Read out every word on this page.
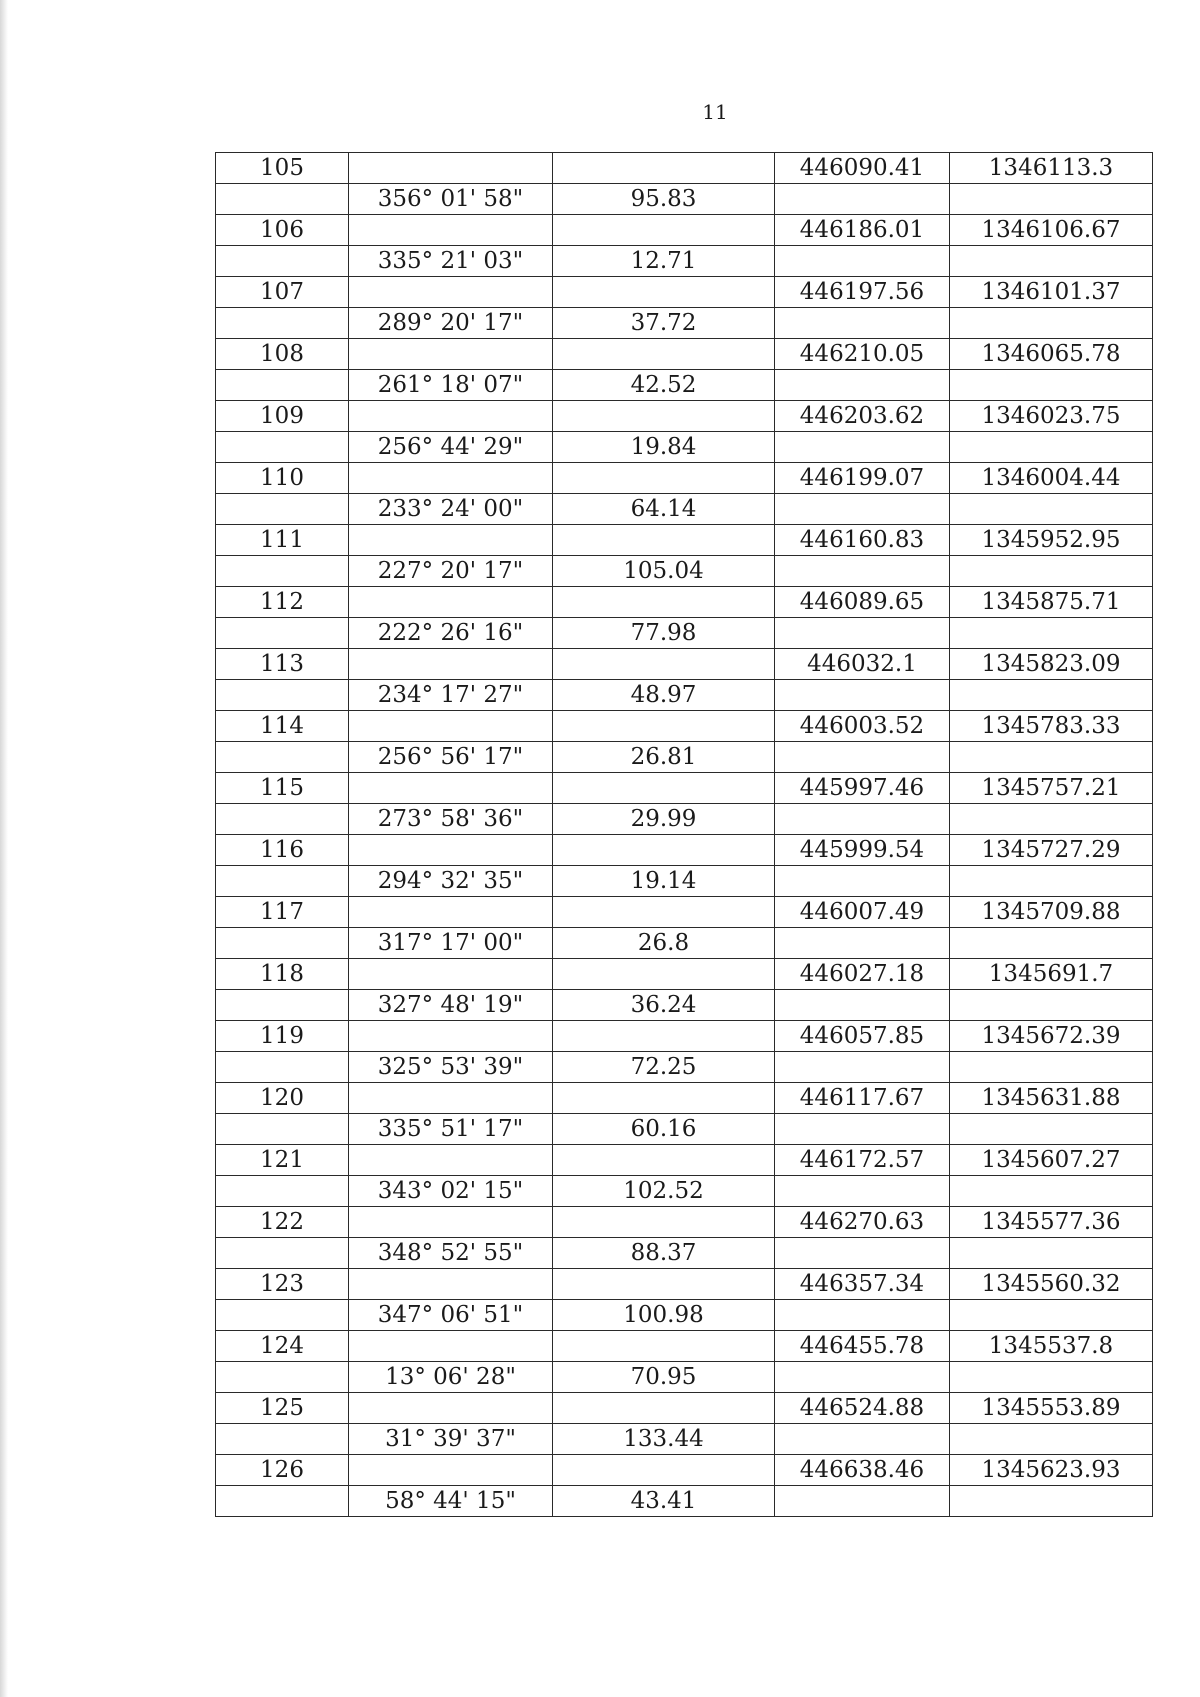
11
105			446090.41	1346113.3
	356° 01' 58"	95.83		
106			446186.01	1346106.67
	335° 21' 03"	12.71		
107			446197.56	1346101.37
	289° 20' 17"	37.72		
108			446210.05	1346065.78
	261° 18' 07"	42.52		
109			446203.62	1346023.75
	256° 44' 29"	19.84		
110			446199.07	1346004.44
	233° 24' 00"	64.14		
111			446160.83	1345952.95
	227° 20' 17"	105.04		
112			446089.65	1345875.71
	222° 26' 16"	77.98		
113			446032.1	1345823.09
	234° 17' 27"	48.97		
114			446003.52	1345783.33
	256° 56' 17"	26.81		
115			445997.46	1345757.21
	273° 58' 36"	29.99		
116			445999.54	1345727.29
	294° 32' 35"	19.14		
117			446007.49	1345709.88
	317° 17' 00"	26.8		
118			446027.18	1345691.7
	327° 48' 19"	36.24		
119			446057.85	1345672.39
	325° 53' 39"	72.25		
120			446117.67	1345631.88
	335° 51' 17"	60.16		
121			446172.57	1345607.27
	343° 02' 15"	102.52		
122			446270.63	1345577.36
	348° 52' 55"	88.37		
123			446357.34	1345560.32
	347° 06' 51"	100.98		
124			446455.78	1345537.8
	13° 06' 28"	70.95		
125			446524.88	1345553.89
	31° 39' 37"	133.44		
126			446638.46	1345623.93
	58° 44' 15"	43.41		
